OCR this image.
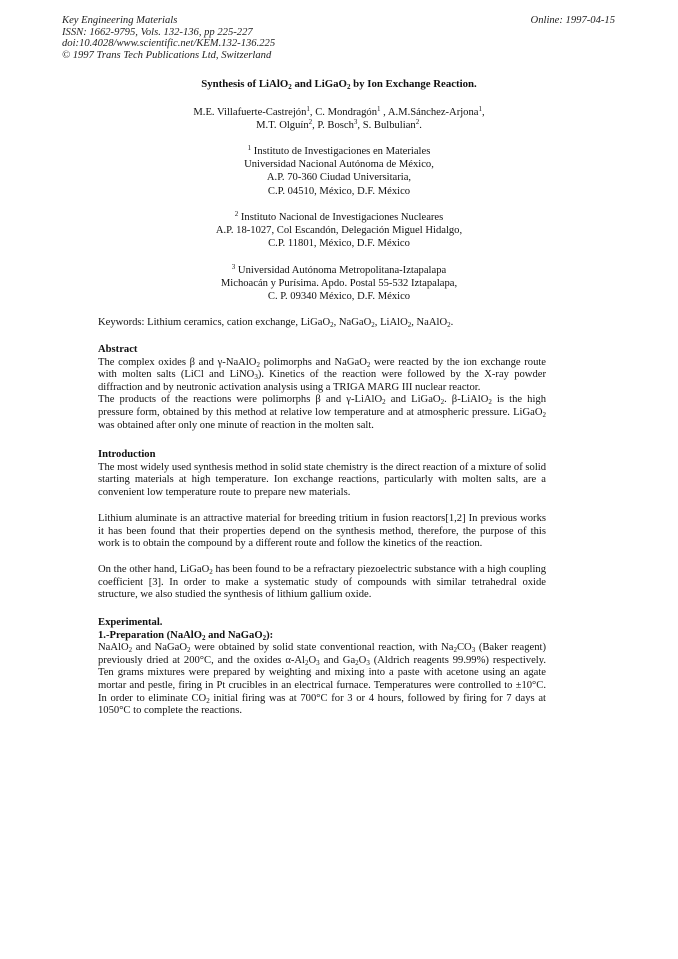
Key Engineering Materials
ISSN: 1662-9795, Vols. 132-136, pp 225-227
doi:10.4028/www.scientific.net/KEM.132-136.225
© 1997 Trans Tech Publications Ltd, Switzerland
Online: 1997-04-15
Synthesis of LiAlO$_2$ and LiGaO$_2$ by Ion Exchange Reaction.
M.E. Villafuerte-Castrejón$^1$, C. Mondragón$^1$ , A.M.Sánchez-Arjona$^1$,
M.T. Olguín$^2$, P. Bosch$^3$, S. Bulbulian$^2$.
$^1$ Instituto de Investigaciones en Materiales
Universidad Nacional Autónoma de México,
A.P. 70-360 Ciudad Universitaria,
C.P. 04510, México, D.F. México
$^2$ Instituto Nacional de Investigaciones Nucleares
A.P. 18-1027, Col Escandón, Delegación Miguel Hidalgo,
C.P. 11801, México, D.F. México
$^3$ Universidad Autónoma Metropolitana-Iztapalapa
Michoacán y Purísima. Apdo. Postal 55-532 Iztapalapa,
C. P. 09340 México, D.F. México
Keywords: Lithium ceramics, cation exchange, LiGaO$_2$, NaGaO$_2$, LiAlO$_2$, NaAlO$_2$.
Abstract
The complex oxides β and γ-NaAlO$_2$ polimorphs and NaGaO$_2$ were reacted by the ion exchange route with molten salts (LiCl and LiNO$_3$). Kinetics of the reaction were followed by the X-ray powder diffraction and by neutronic activation analysis using a TRIGA MARG III nuclear reactor.
The products of the reactions were polimorphs β and γ-LiAlO$_2$ and LiGaO$_2$. β-LiAlO$_2$ is the high pressure form, obtained by this method at relative low temperature and at atmospheric pressure. LiGaO$_2$ was obtained after only one minute of reaction in the molten salt.
Introduction
The most widely used synthesis method in solid state chemistry is the direct reaction of a mixture of solid starting materials at high temperature. Ion exchange reactions, particularly with molten salts, are a convenient low temperature route to prepare new materials.
Lithium aluminate is an attractive material for breeding tritium in fusion reactors[1,2] In previous works it has been found that their properties depend on the synthesis method, therefore, the purpose of this work is to obtain the compound by a different route and follow the kinetics of the reaction.
On the other hand, LiGaO$_2$ has been found to be a refractary piezoelectric substance with a high coupling coefficient [3]. In order to make a systematic study of compounds with similar tetrahedral oxide structure, we also studied the synthesis of lithium gallium oxide.
Experimental.
1.-Preparation (NaAlO$_2$ and NaGaO$_2$):
NaAlO$_2$ and NaGaO$_2$ were obtained by solid state conventional reaction, with $Na_2CO_3$ (Baker reagent) previously dried at 200°C, and the oxides $\alpha-Al_2O_3$ and $Ga_2O_3$ (Aldrich reagents 99.99%) respectively. Ten grams mixtures were prepared by weighting and mixing into a paste with acetone using an agate mortar and pestle, firing in Pt crucibles in an electrical furnace. Temperatures were controlled to ±10°C. In order to eliminate $CO_2$ initial firing was at 700°C for 3 or 4 hours, followed by firing for 7 days at 1050°C to complete the reactions.
